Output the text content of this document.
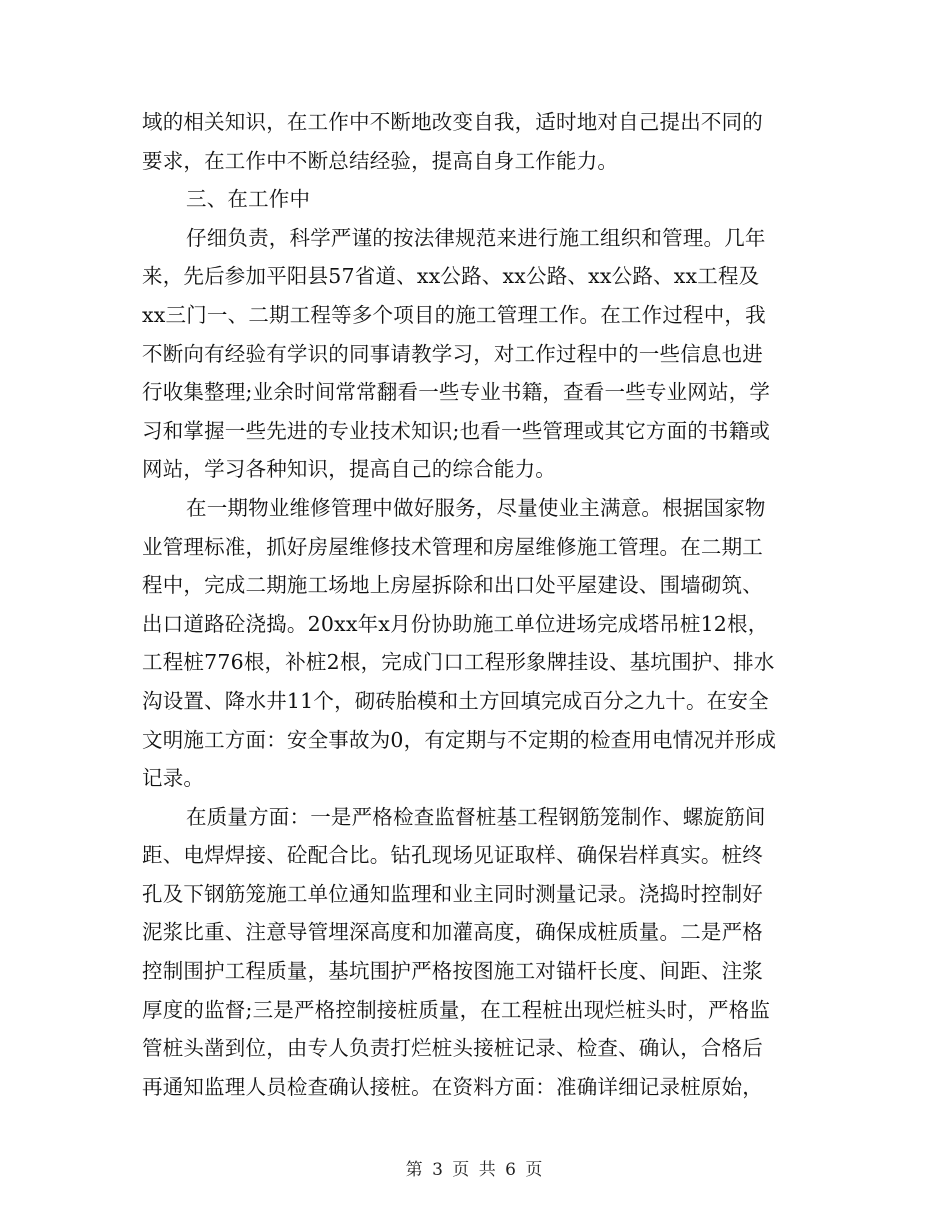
域的相关知识，在工作中不断地改变自我，适时地对自己提出不同的
要求，在工作中不断总结经验，提高自身工作能力。
三、在工作中
仔细负责，科学严谨的按法律规范来进行施工组织和管理。几年
来，先后参加平阳县57省道、xx公路、xx公路、xx公路、xx工程及
xx三门一、二期工程等多个项目的施工管理工作。在工作过程中，我
不断向有经验有学识的同事请教学习，对工作过程中的一些信息也进
行收集整理;业余时间常常翻看一些专业书籍，查看一些专业网站，学
习和掌握一些先进的专业技术知识;也看一些管理或其它方面的书籍或
网站，学习各种知识，提高自己的综合能力。
在一期物业维修管理中做好服务，尽量使业主满意。根据国家物
业管理标准，抓好房屋维修技术管理和房屋维修施工管理。在二期工
程中，完成二期施工场地上房屋拆除和出口处平屋建设、围墙砌筑、
出口道路砼浇捣。20xx年x月份协助施工单位进场完成塔吊桩12根，
工程桩776根，补桩2根，完成门口工程形象牌挂设、基坑围护、排水
沟设置、降水井11个，砌砖胎模和土方回填完成百分之九十。在安全
文明施工方面：安全事故为0，有定期与不定期的检查用电情况并形成
记录。
在质量方面：一是严格检查监督桩基工程钢筋笼制作、螺旋筋间
距、电焊焊接、砼配合比。钻孔现场见证取样、确保岩样真实。桩终
孔及下钢筋笼施工单位通知监理和业主同时测量记录。浇捣时控制好
泥浆比重、注意导管埋深高度和加灌高度，确保成桩质量。二是严格
控制围护工程质量，基坑围护严格按图施工对锚杆长度、间距、注浆
厚度的监督;三是严格控制接桩质量，在工程桩出现烂桩头时，严格监
管桩头凿到位，由专人负责打烂桩头接桩记录、检查、确认，合格后
再通知监理人员检查确认接桩。在资料方面：准确详细记录桩原始，
第 3 页 共 6 页
